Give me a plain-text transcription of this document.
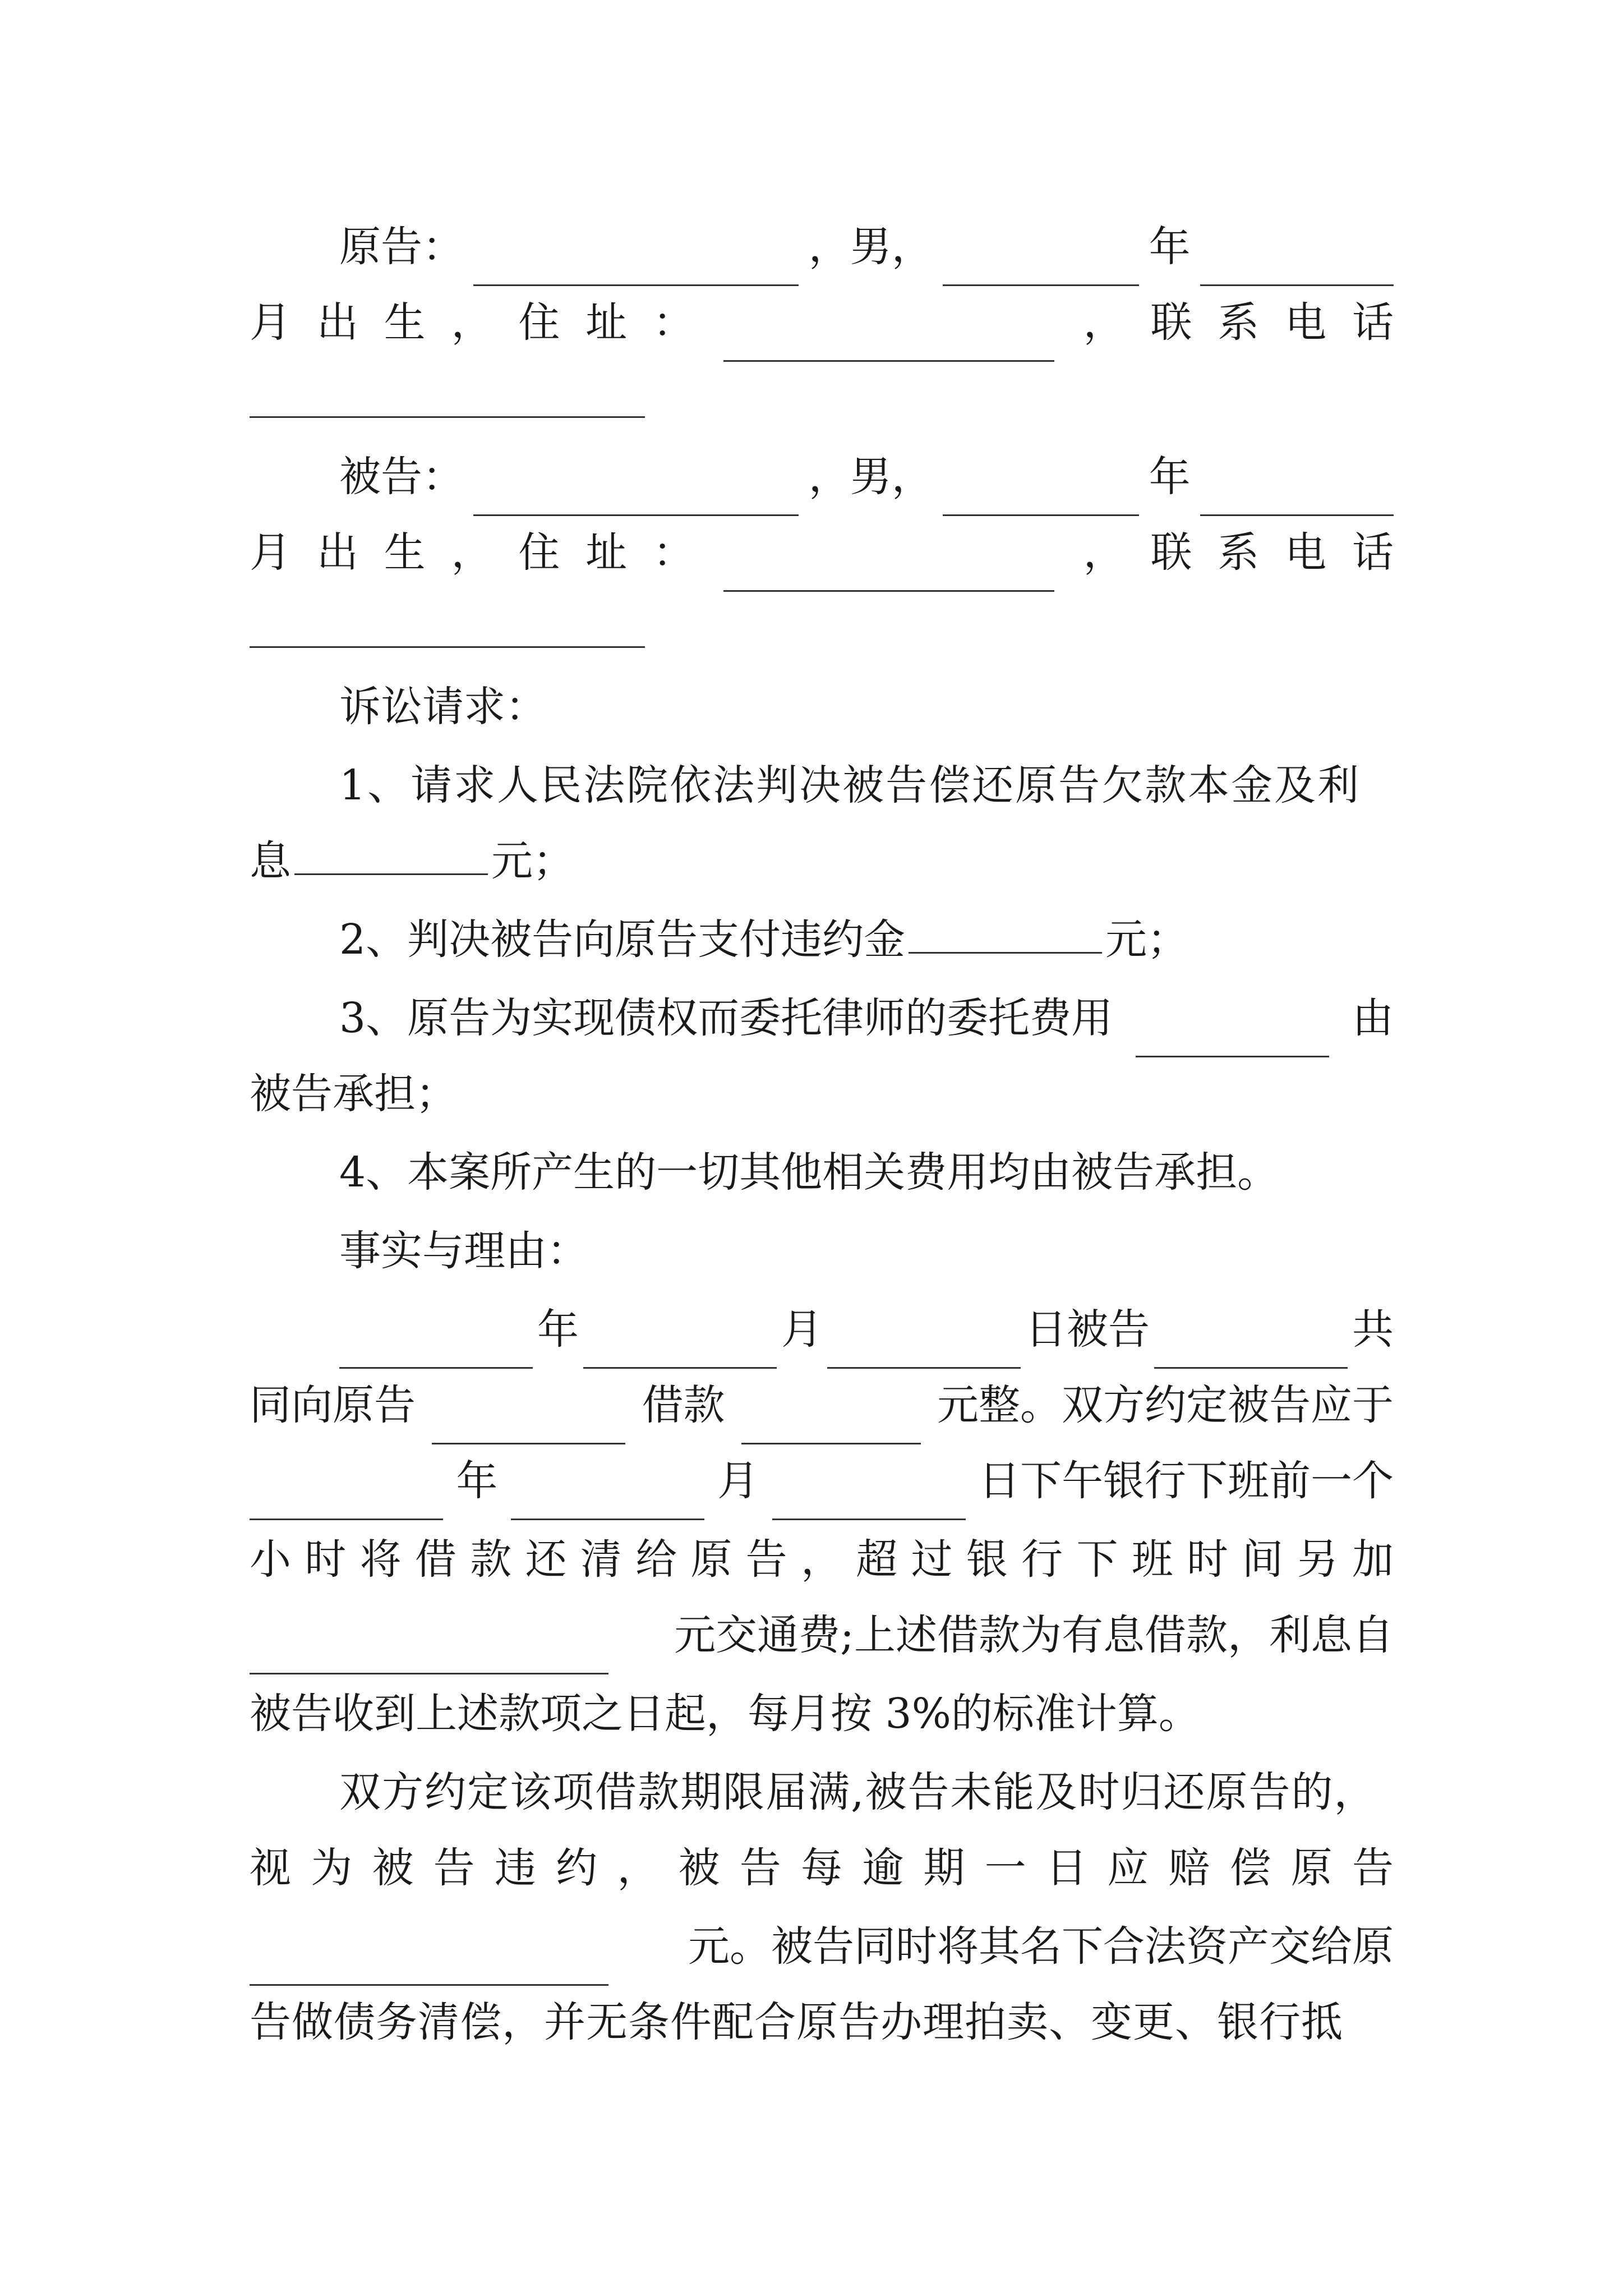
原告：	，男，	年
月 出 生 ， 住 址 ：	， 联 系 电 话
被告：	，男，	年
月 出 生 ， 住 址 ：	， 联 系 电 话
诉讼请求：
1、请求人民法院依法判决被告偿还原告欠款本金及利
息	元；
2、判决被告向原告支付违约金	元；
3、原告为实现债权而委托律师的委托费用	由
被告承担；
4、本案所产生的一切其他相关费用均由被告承担。
事实与理由：
年	月	日被告	共
同向原告	借款	元整。双方约定被告应于
年	月	日下午银行下班前一个
小 时 将 借 款 还 清 给 原 告 ， 超 过 银 行 下 班 时 间 另 加
元交通费;上述借款为有息借款，利息自
被告收到上述款项之日起，每月按 3%的标准计算。
双方约定该项借款期限届满,被告未能及时归还原告的，
视 为 被 告 违 约 ， 被 告 每 逾 期 一 日 应 赔 偿 原 告
元。被告同时将其名下合法资产交给原
告做债务清偿，并无条件配合原告办理拍卖、变更、银行抵
